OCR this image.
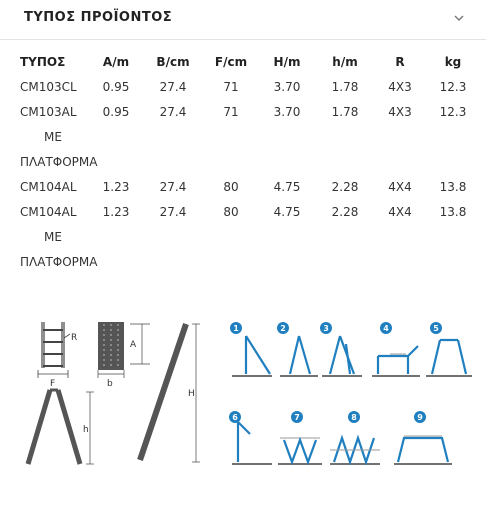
ΤΥΠΟΣ ΠΡΟΪΟΝΤΟΣ
ΤΥΠΟΣ	A/m	B/cm	F/cm	H/m	h/m	R	kg
CM103CL	0.95	27.4	71	3.70	1.78	4X3	12.3
CM103AL	0.95	27.4	71	3.70	1.78	4X3	12.3
ΜΕ							
ΠΛΑΤΦΟΡΜΑ							
CM104AL	1.23	27.4	80	4.75	2.28	4X4	13.8
CM104AL	1.23	27.4	80	4.75	2.28	4X4	13.8
ΜΕ							
ΠΛΑΤΦΟΡΜΑ							
R
F
A
b
h
H
1	2	3	4	5
6	7	8	9
